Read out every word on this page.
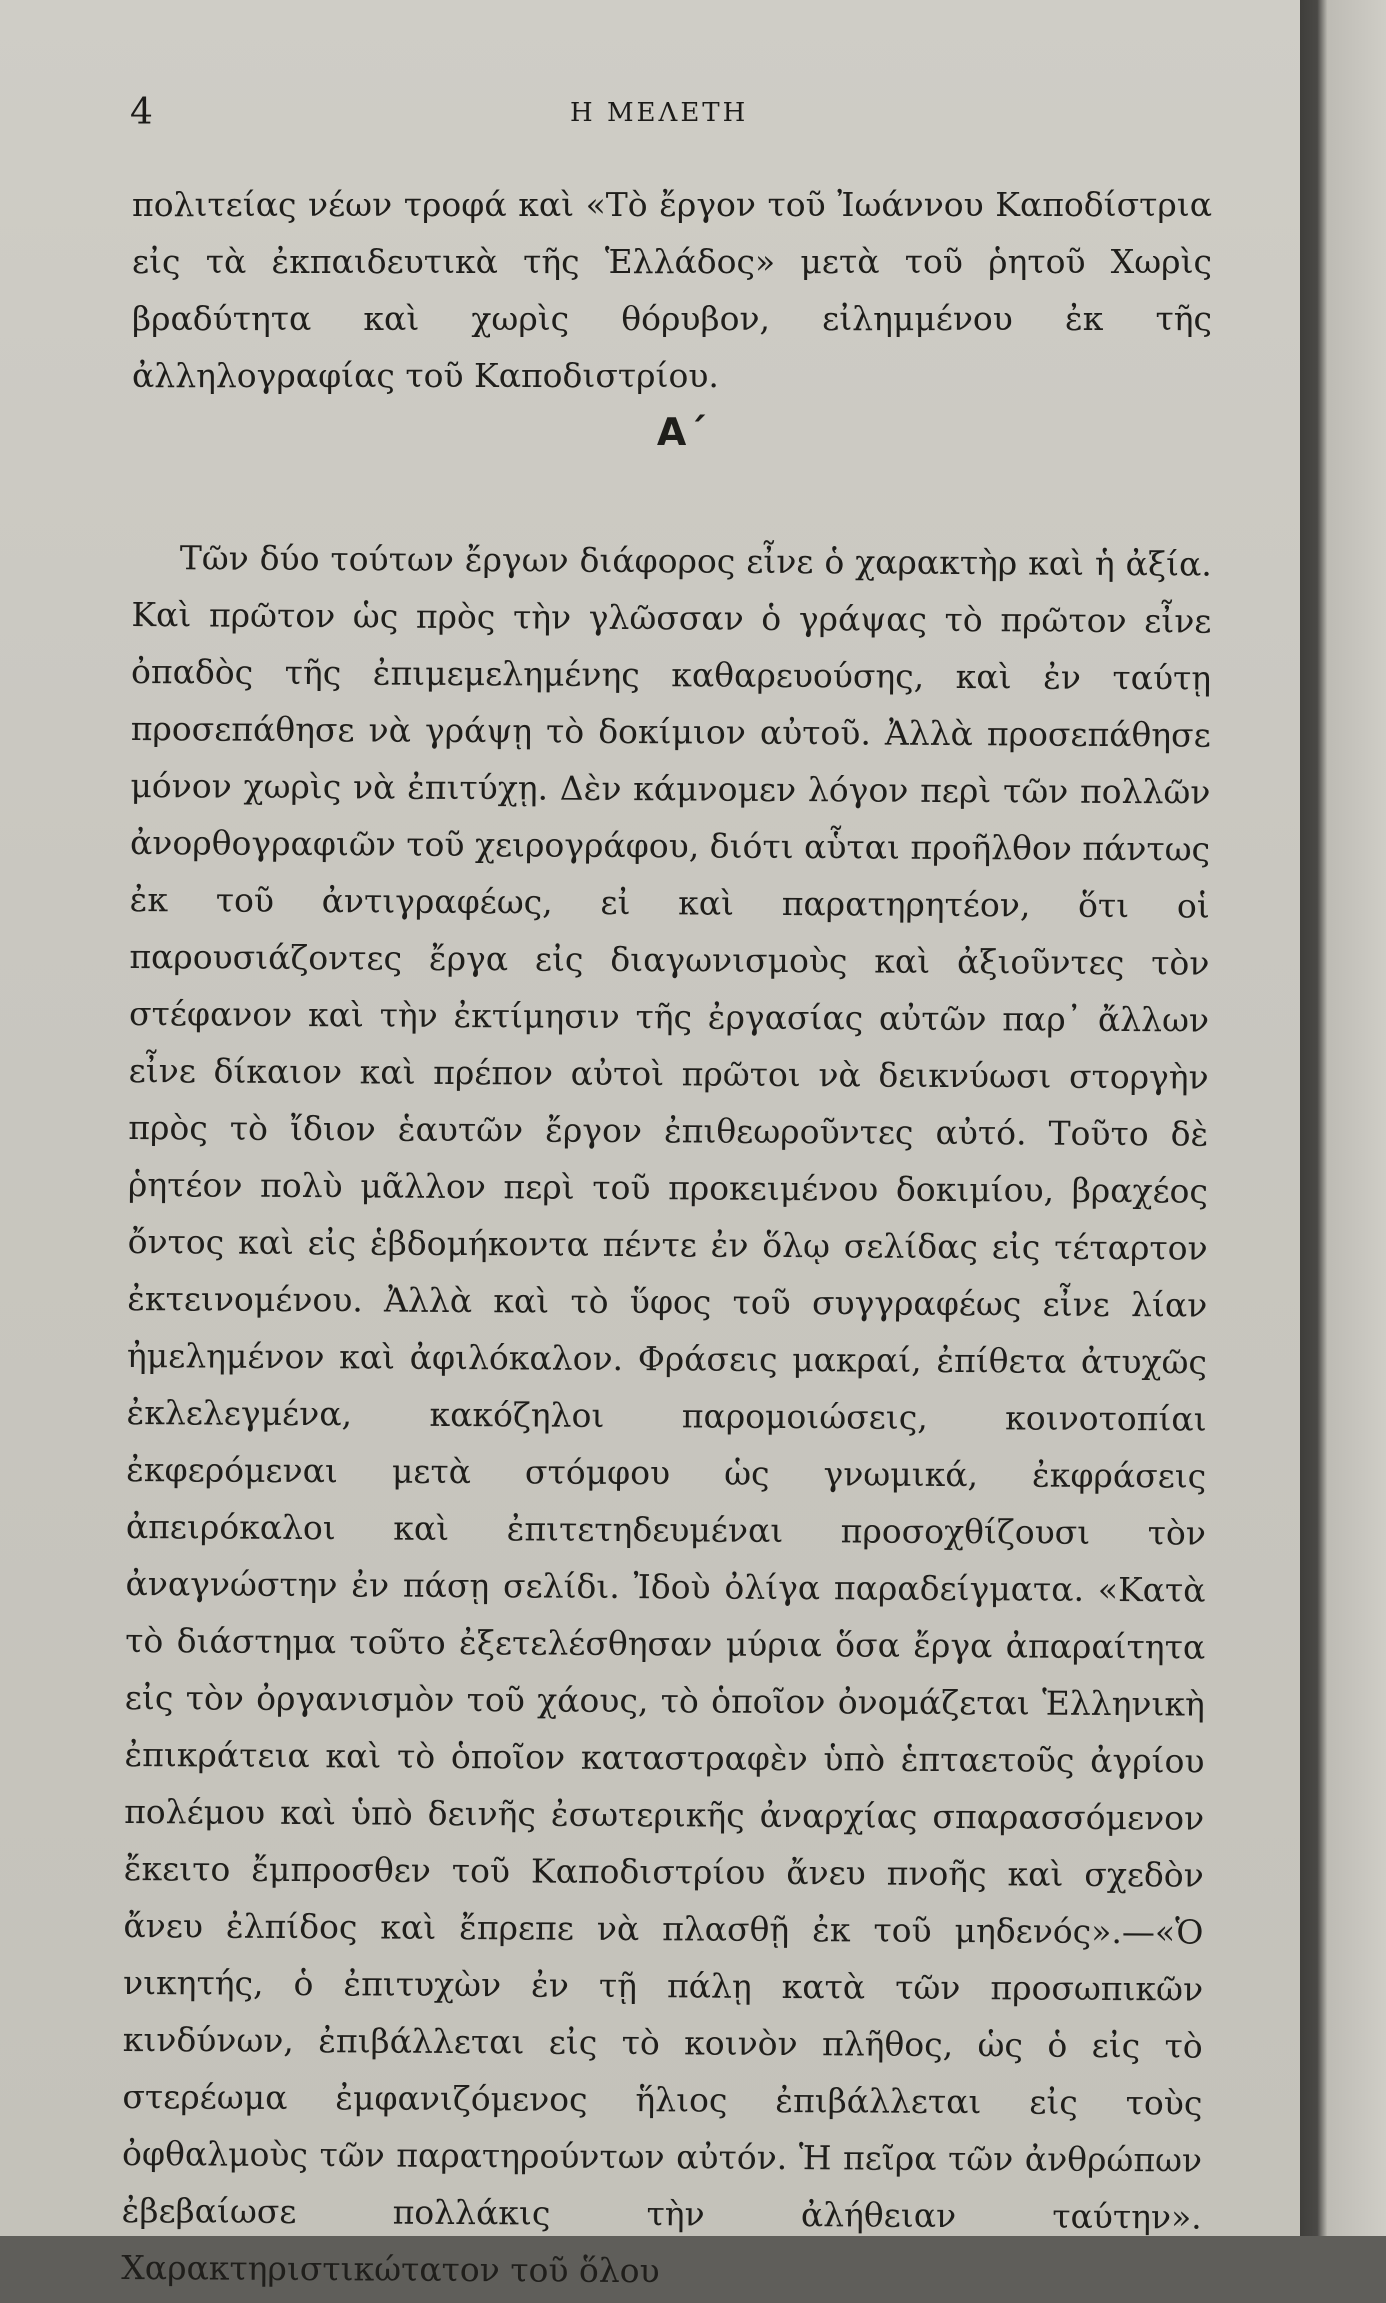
4	Η ΜΕΛΕΤΗ

πολιτείας νέων τροφά καὶ «Τὸ ἔργον τοῦ Ἰωάννου Καποδίστρια εἰς τὰ ἐκπαιδευτικὰ τῆς Ἑλλάδος» μετὰ τοῦ ῥητοῦ Χωρὶς βραδύτητα καὶ χωρὶς θόρυβον, εἰλημμένου ἐκ τῆς ἀλληλογραφίας τοῦ Καποδιστρίου.

Α΄

Τῶν δύο τούτων ἔργων διάφορος εἶνε ὁ χαρακτὴρ καὶ ἡ ἀξία. Καὶ πρῶτον ὡς πρὸς τὴν γλῶσσαν ὁ γράψας τὸ πρῶτον εἶνε ὀπαδὸς τῆς ἐπιμεμελημένης καθαρευούσης, καὶ ἐν ταύτῃ προσεπάθησε νὰ γράψῃ τὸ δοκίμιον αὐτοῦ. Ἀλλὰ προσεπάθησε μόνον χωρὶς νὰ ἐπιτύχῃ. Δὲν κάμνομεν λόγον περὶ τῶν πολλῶν ἀνορθογραφιῶν τοῦ χειρογράφου, διότι αὗται προῆλθον πάντως ἐκ τοῦ ἀντιγραφέως, εἰ καὶ παρατηρητέον, ὅτι οἱ παρουσιάζοντες ἔργα εἰς διαγωνισμοὺς καὶ ἀξιοῦντες τὸν στέφανον καὶ τὴν ἐκτίμησιν τῆς ἐργασίας αὐτῶν παρ᾽ ἄλλων εἶνε δίκαιον καὶ πρέπον αὐτοὶ πρῶτοι νὰ δεικνύωσι στοργὴν πρὸς τὸ ἴδιον ἑαυτῶν ἔργον ἐπιθεωροῦντες αὐτό. Τοῦτο δὲ ῥητέον πολὺ μᾶλλον περὶ τοῦ προκειμένου δοκιμίου, βραχέος ὄντος καὶ εἰς ἑβδομήκοντα πέντε ἐν ὅλῳ σελίδας εἰς τέταρτον ἐκτεινομένου. Ἀλλὰ καὶ τὸ ὕφος τοῦ συγγραφέως εἶνε λίαν ἠμελημένον καὶ ἀφιλόκαλον. Φράσεις μακραί, ἐπίθετα ἀτυχῶς ἐκλελεγμένα, κακόζηλοι παρομοιώσεις, κοινοτοπίαι ἐκφερόμεναι μετὰ στόμφου ὡς γνωμικά, ἐκφράσεις ἀπειρόκαλοι καὶ ἐπιτετηδευμέναι προσοχθίζουσι τὸν ἀναγνώστην ἐν πάσῃ σελίδι. Ἰδοὺ ὀλίγα παραδείγματα. «Κατὰ τὸ διάστημα τοῦτο ἐξετελέσθησαν μύρια ὅσα ἔργα ἀπαραίτητα εἰς τὸν ὀργανισμὸν τοῦ χάους, τὸ ὁποῖον ὀνομάζεται Ἑλληνικὴ ἐπικράτεια καὶ τὸ ὁποῖον καταστραφὲν ὑπὸ ἑπταετοῦς ἀγρίου πολέμου καὶ ὑπὸ δεινῆς ἐσωτερικῆς ἀναρχίας σπαρασσόμενον ἔκειτο ἔμπροσθεν τοῦ Καποδιστρίου ἄνευ πνοῆς καὶ σχεδὸν ἄνευ ἐλπίδος καὶ ἔπρεπε νὰ πλασθῇ ἐκ τοῦ μηδενός».—«Ὁ νικητής, ὁ ἐπιτυχὼν ἐν τῇ πάλῃ κατὰ τῶν προσωπικῶν κινδύνων, ἐπιβάλλεται εἰς τὸ κοινὸν πλῆθος, ὡς ὁ εἰς τὸ στερέωμα ἐμφανιζόμενος ἥλιος ἐπιβάλλεται εἰς τοὺς ὀφθαλμοὺς τῶν παρατηρούντων αὐτόν. Ἡ πεῖρα τῶν ἀνθρώπων ἐβεβαίωσε πολλάκις τὴν ἀλήθειαν ταύτην». Χαρακτηριστικώτατον τοῦ ὅλου
